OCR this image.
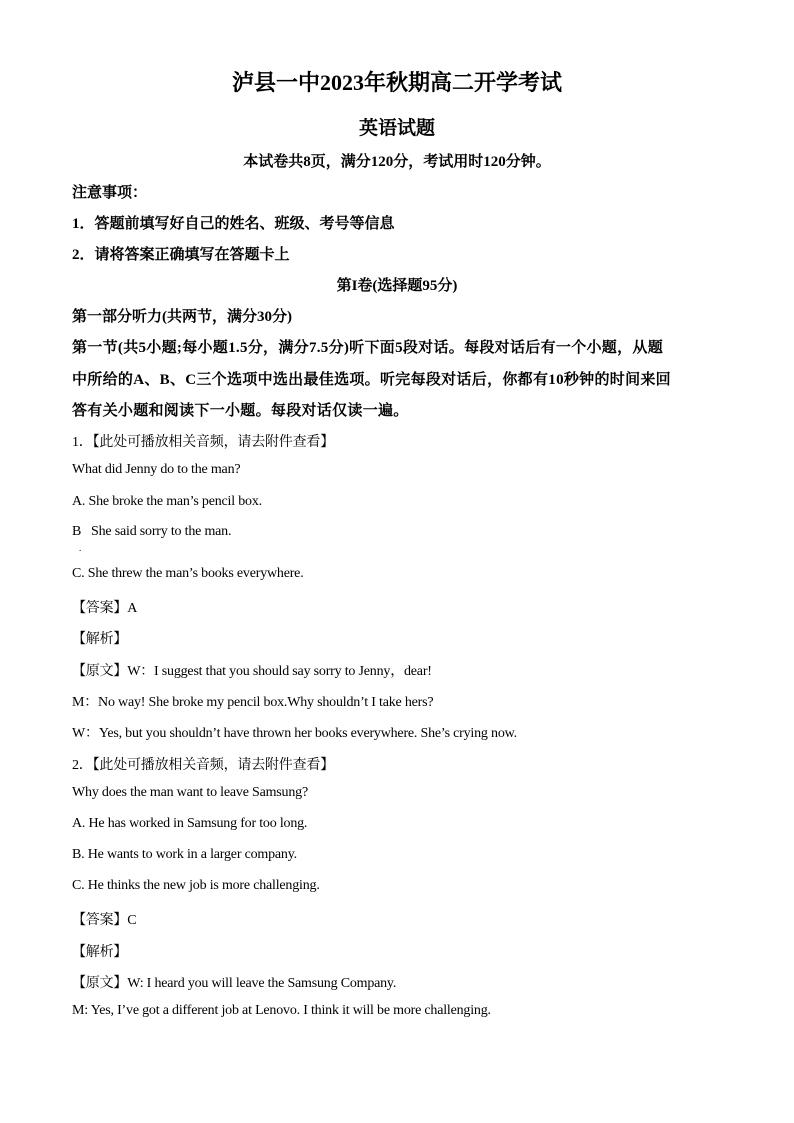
泸县一中2023年秋期高二开学考试
英语试题
本试卷共8页，满分120分，考试用时120分钟。
注意事项：
1．答题前填写好自己的姓名、班级、考号等信息
2．请将答案正确填写在答题卡上
第I卷(选择题95分)
第一部分听力(共两节，满分30分)
第一节(共5小题;每小题1.5分，满分7.5分)听下面5段对话。每段对话后有一个小题，从题
中所给的A、B、C三个选项中选出最佳选项。听完每段对话后，你都有10秒钟的时间来回
答有关小题和阅读下一小题。每段对话仅读一遍。
1．【此处可播放相关音频，请去附件查看】
What did Jenny do to the man?
A. She broke the man’s pencil box.
B   She said sorry to the man.
.
C. She threw the man’s books everywhere.
【答案】A
【解析】
【原文】W：I suggest that you should say sorry to Jenny，dear!
M：No way! She broke my pencil box.Why shouldn’t I take hers?
W：Yes, but you shouldn’t have thrown her books everywhere. She’s crying now.
2．【此处可播放相关音频，请去附件查看】
Why does the man want to leave Samsung?
A. He has worked in Samsung for too long.
B. He wants to work in a larger company.
C. He thinks the new job is more challenging.
【答案】C
【解析】
【原文】W: I heard you will leave the Samsung Company.
M: Yes, I’ve got a different job at Lenovo. I think it will be more challenging.
